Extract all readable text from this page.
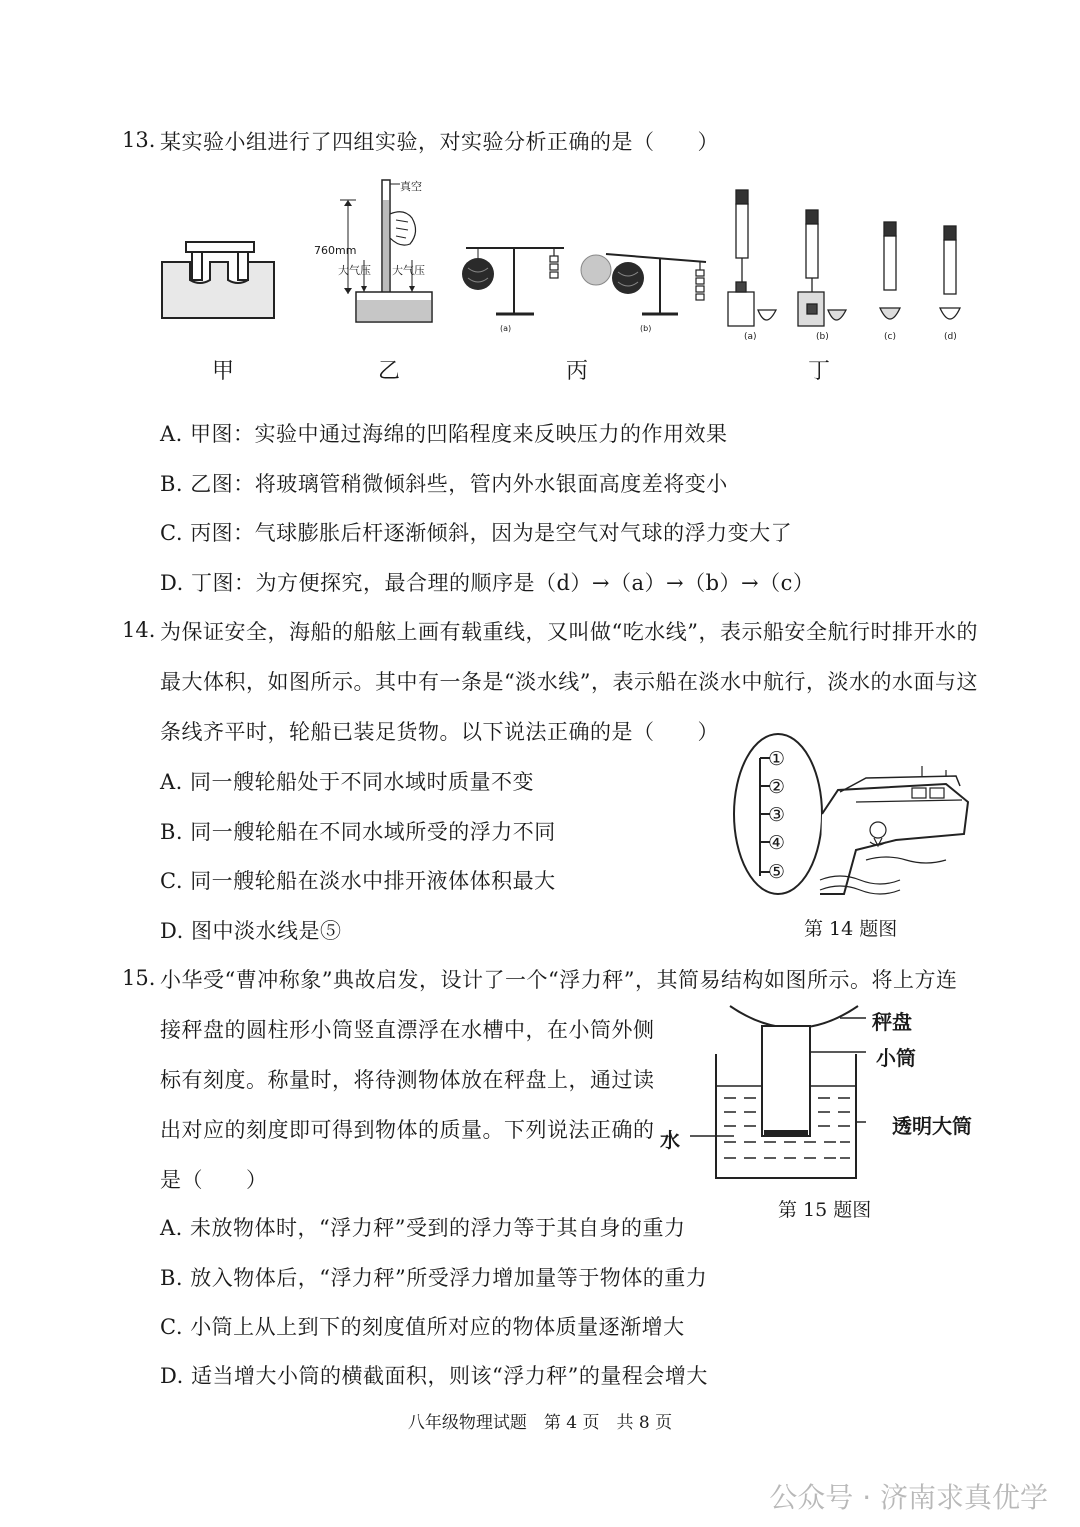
13. 某实验小组进行了四组实验，对实验分析正确的是（　　）
甲
真空
760mm
大气压 大气压
乙
(a)	(b)
丙
(a)	(b)	(c)	(d)
丁
A. 甲图：实验中通过海绵的凹陷程度来反映压力的作用效果
B. 乙图：将玻璃管稍微倾斜些，管内外水银面高度差将变小
C. 丙图：气球膨胀后杆逐渐倾斜，因为是空气对气球的浮力变大了
D. 丁图：为方便探究，最合理的顺序是（d）→（a）→（b）→（c）
14. 为保证安全，海船的船舷上画有载重线，又叫做“吃水线”，表示船安全航行时排开水的
最大体积，如图所示。其中有一条是“淡水线”，表示船在淡水中航行，淡水的水面与这
条线齐平时，轮船已装足货物。以下说法正确的是（　　）
A. 同一艘轮船处于不同水域时质量不变
B. 同一艘轮船在不同水域所受的浮力不同
C. 同一艘轮船在淡水中排开液体体积最大
D. 图中淡水线是⑤
①
②
③
④
⑤
第 14 题图
15. 小华受“曹冲称象”典故启发，设计了一个“浮力秤”，其简易结构如图所示。将上方连
接秤盘的圆柱形小筒竖直漂浮在水槽中，在小筒外侧
标有刻度。称量时，将待测物体放在秤盘上，通过读
出对应的刻度即可得到物体的质量。下列说法正确的
是（　　）
秤盘
小筒
透明大筒
水
第 15 题图
A. 未放物体时，“浮力秤”受到的浮力等于其自身的重力
B. 放入物体后，“浮力秤”所受浮力增加量等于物体的重力
C. 小筒上从上到下的刻度值所对应的物体质量逐渐增大
D. 适当增大小筒的横截面积，则该“浮力秤”的量程会增大
八年级物理试题　第 4 页　共 8 页
公众号 · 济南求真优学
